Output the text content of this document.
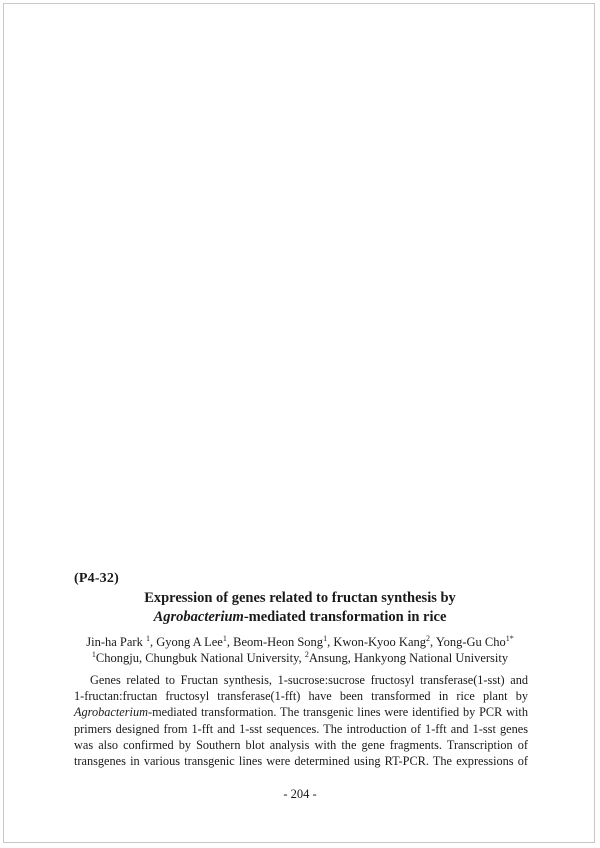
(P4-32)
Expression of genes related to fructan synthesis by
Agrobacterium-mediated transformation in rice
Jin-ha Park $^1$, Gyong A Lee$^1$, Beom-Heon Song$^1$, Kwon-Kyoo Kang$^2$, Yong-Gu Cho$^{1*}$
$^1$Chongju, Chungbuk National University, $^2$Ansung, Hankyong National University
Genes related to Fructan synthesis, 1-sucrose:sucrose fructosyl transferase(1-sst) and
1-fructan:fructan fructosyl transferase(1-fft) have been transformed in rice plant by
Agrobacterium-mediated transformation. The transgenic lines were identified by PCR with
primers designed from 1-fft and 1-sst sequences. The introduction of 1-fft and 1-sst genes
was also confirmed by Southern blot analysis with the gene fragments. Transcription of
transgenes in various transgenic lines were determined using RT-PCR. The expressions of
- 204 -
